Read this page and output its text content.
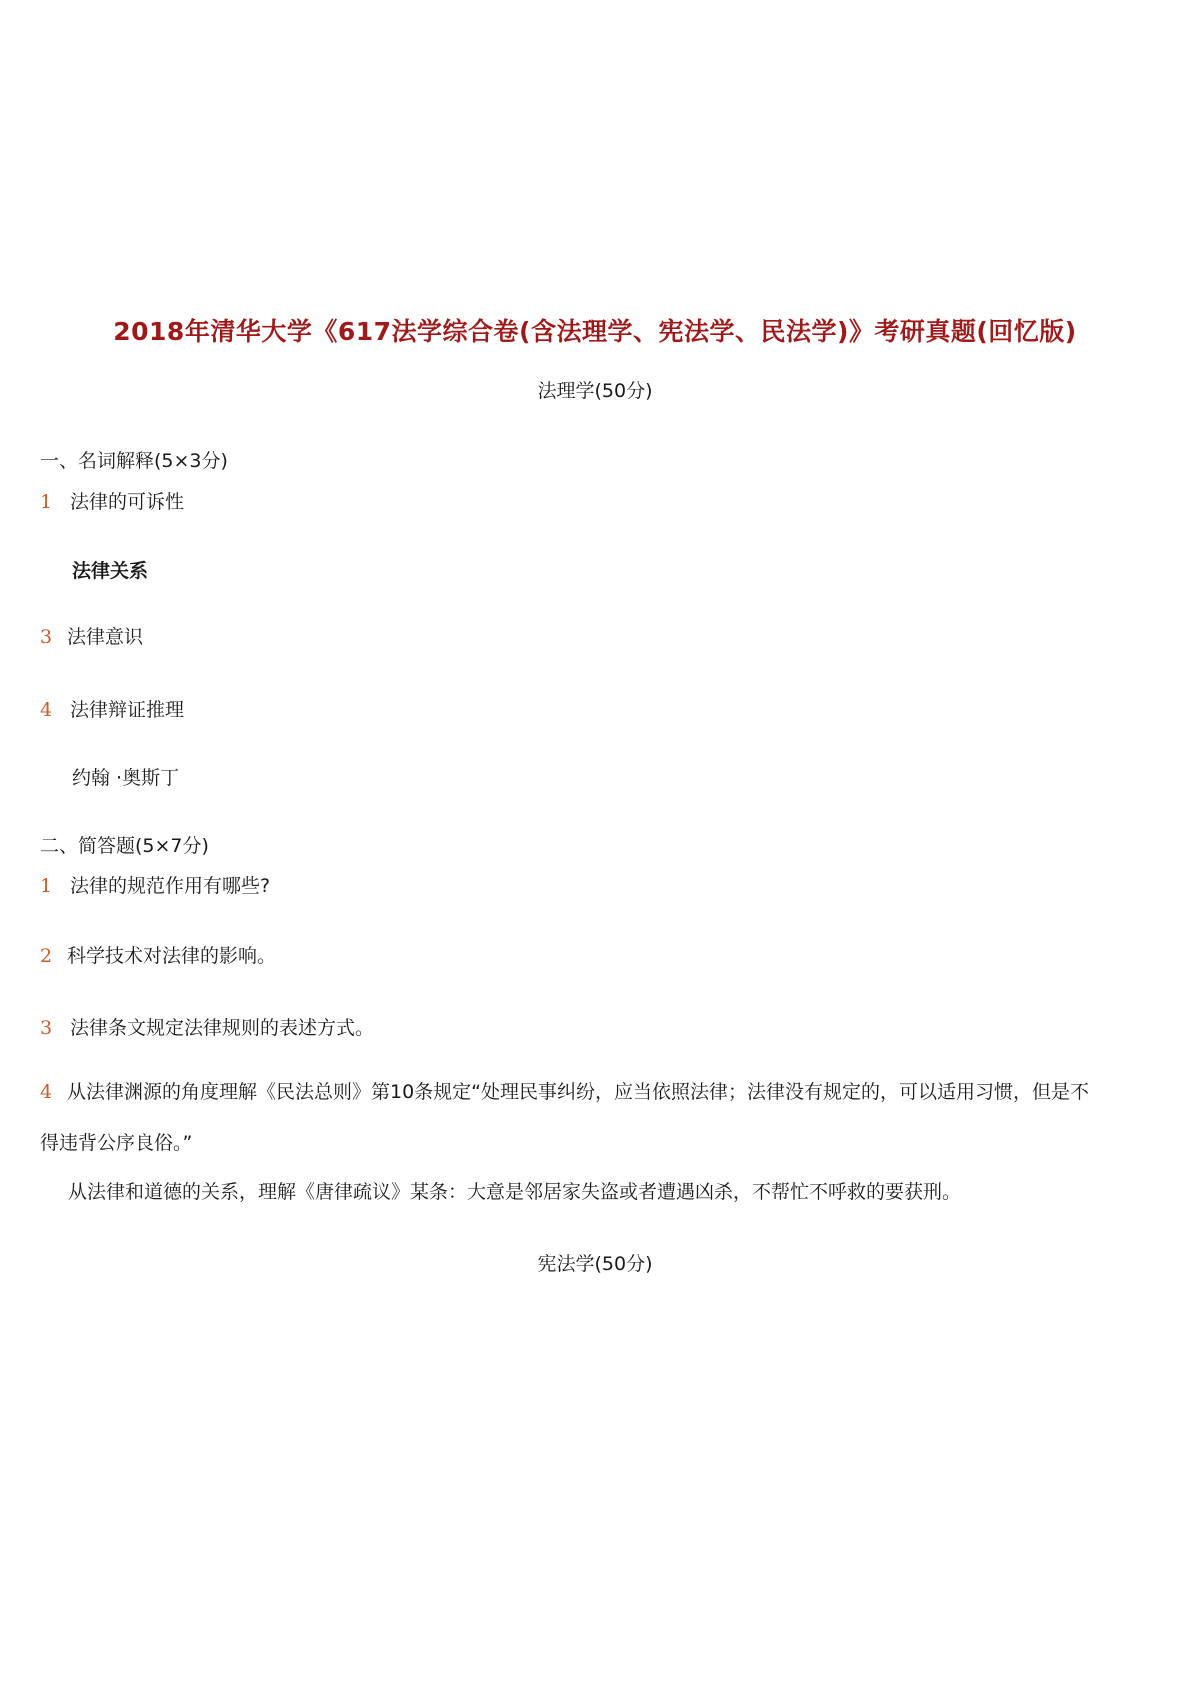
2018年清华大学《617法学综合卷(含法理学、宪法学、民法学)》考研真题(回忆版)
法理学(50分)
一、名词解释(5×3分)
1 法律的可诉性
法律关系
3 法律意识
4 法律辩证推理
约翰 ·奥斯丁
二、简答题(5×7分)
1 法律的规范作用有哪些?
2 科学技术对法律的影响。
3 法律条文规定法律规则的表述方式。
4 从法律渊源的角度理解《民法总则》第10条规定“处理民事纠纷，应当依照法律；法律没有规定的，可以适用习惯，但是不
得违背公序良俗。”
从法律和道德的关系，理解《唐律疏议》某条：大意是邻居家失盗或者遭遇凶杀，不帮忙不呼救的要获刑。
宪法学(50分)
